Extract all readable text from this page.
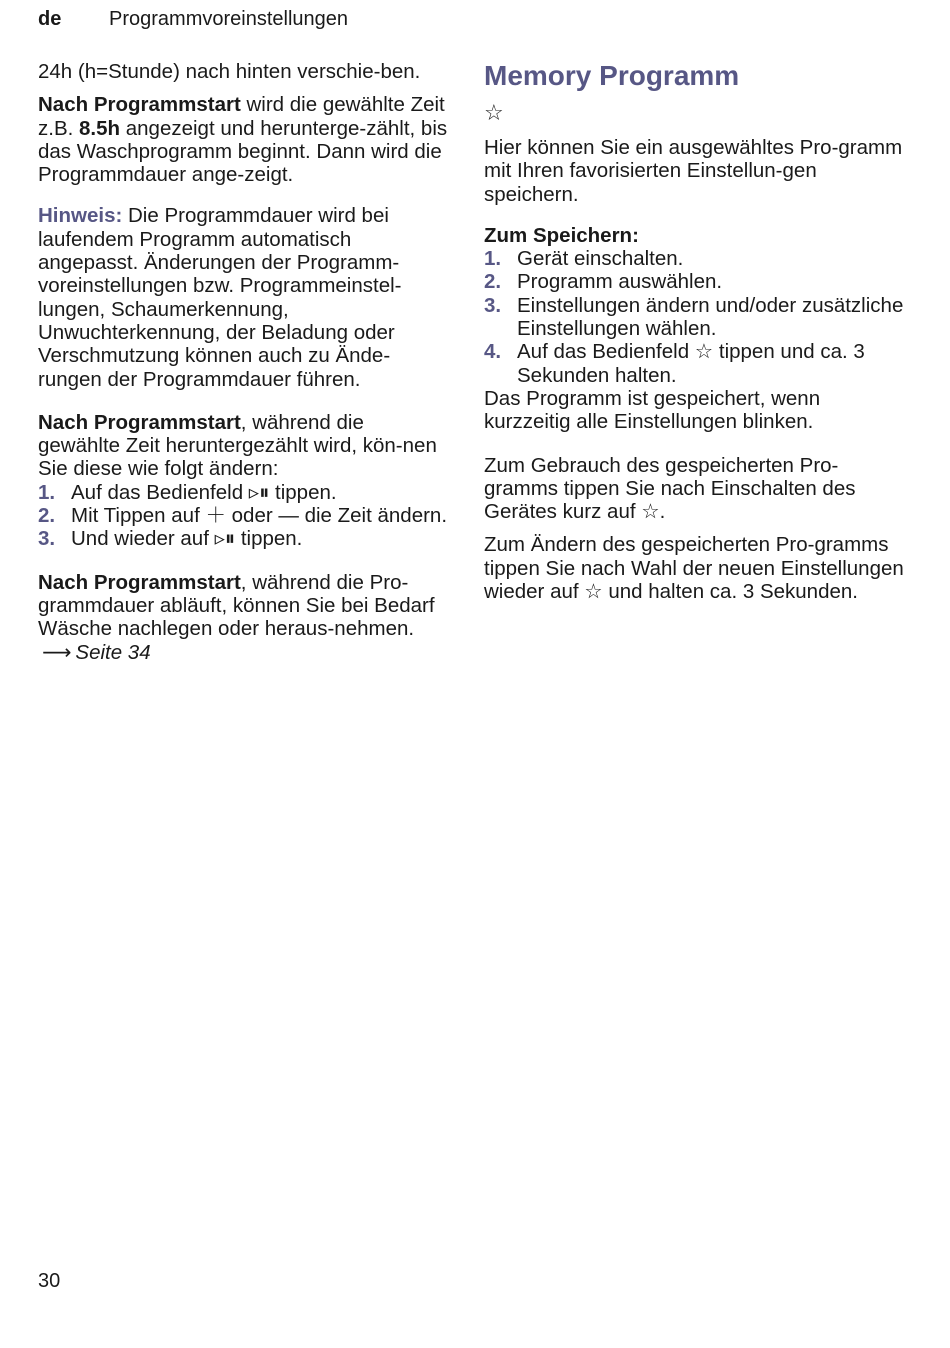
de Programmvoreinstellungen

24h (h=Stunde) nach hinten verschie-ben.

Nach Programmstart wird die gewählte Zeit z.B. 8.5h angezeigt und herunterge-zählt, bis das Waschprogramm beginnt. Dann wird die Programmdauer ange-zeigt.

Hinweis: Die Programmdauer wird bei laufendem Programm automatisch angepasst. Änderungen der Programm-voreinstellungen bzw. Programmeinstel-lungen, Schaumerkennung, Unwuchterkennung, der Beladung oder Verschmutzung können auch zu Ände-rungen der Programmdauer führen.

Nach Programmstart, während die gewählte Zeit heruntergezählt wird, kön-nen Sie diese wie folgt ändern:

1. Auf das Bedienfeld ▹⏸ tippen.
2. Mit Tippen auf ＋ oder — die Zeit ändern.
3. Und wieder auf ▹⏸ tippen.

Nach Programmstart, während die Pro-grammdauer abläuft, können Sie bei Bedarf Wäsche nachlegen oder heraus-nehmen.⟶ Seite 34

Memory Programm

☆

Hier können Sie ein ausgewähltes Pro-gramm mit Ihren favorisierten Einstellun-gen speichern.

Zum Speichern:

1. Gerät einschalten.
2. Programm auswählen.
3. Einstellungen ändern und/oder zusätzliche Einstellungen wählen.
4. Auf das Bedienfeld ☆ tippen und ca. 3 Sekunden halten.

Das Programm ist gespeichert, wenn kurzzeitig alle Einstellungen blinken.

Zum Gebrauch des gespeicherten Pro-gramms tippen Sie nach Einschalten des Gerätes kurz auf ☆.

Zum Ändern des gespeicherten Pro-gramms tippen Sie nach Wahl der neuen Einstellungen wieder auf ☆ und halten ca. 3 Sekunden.

30
